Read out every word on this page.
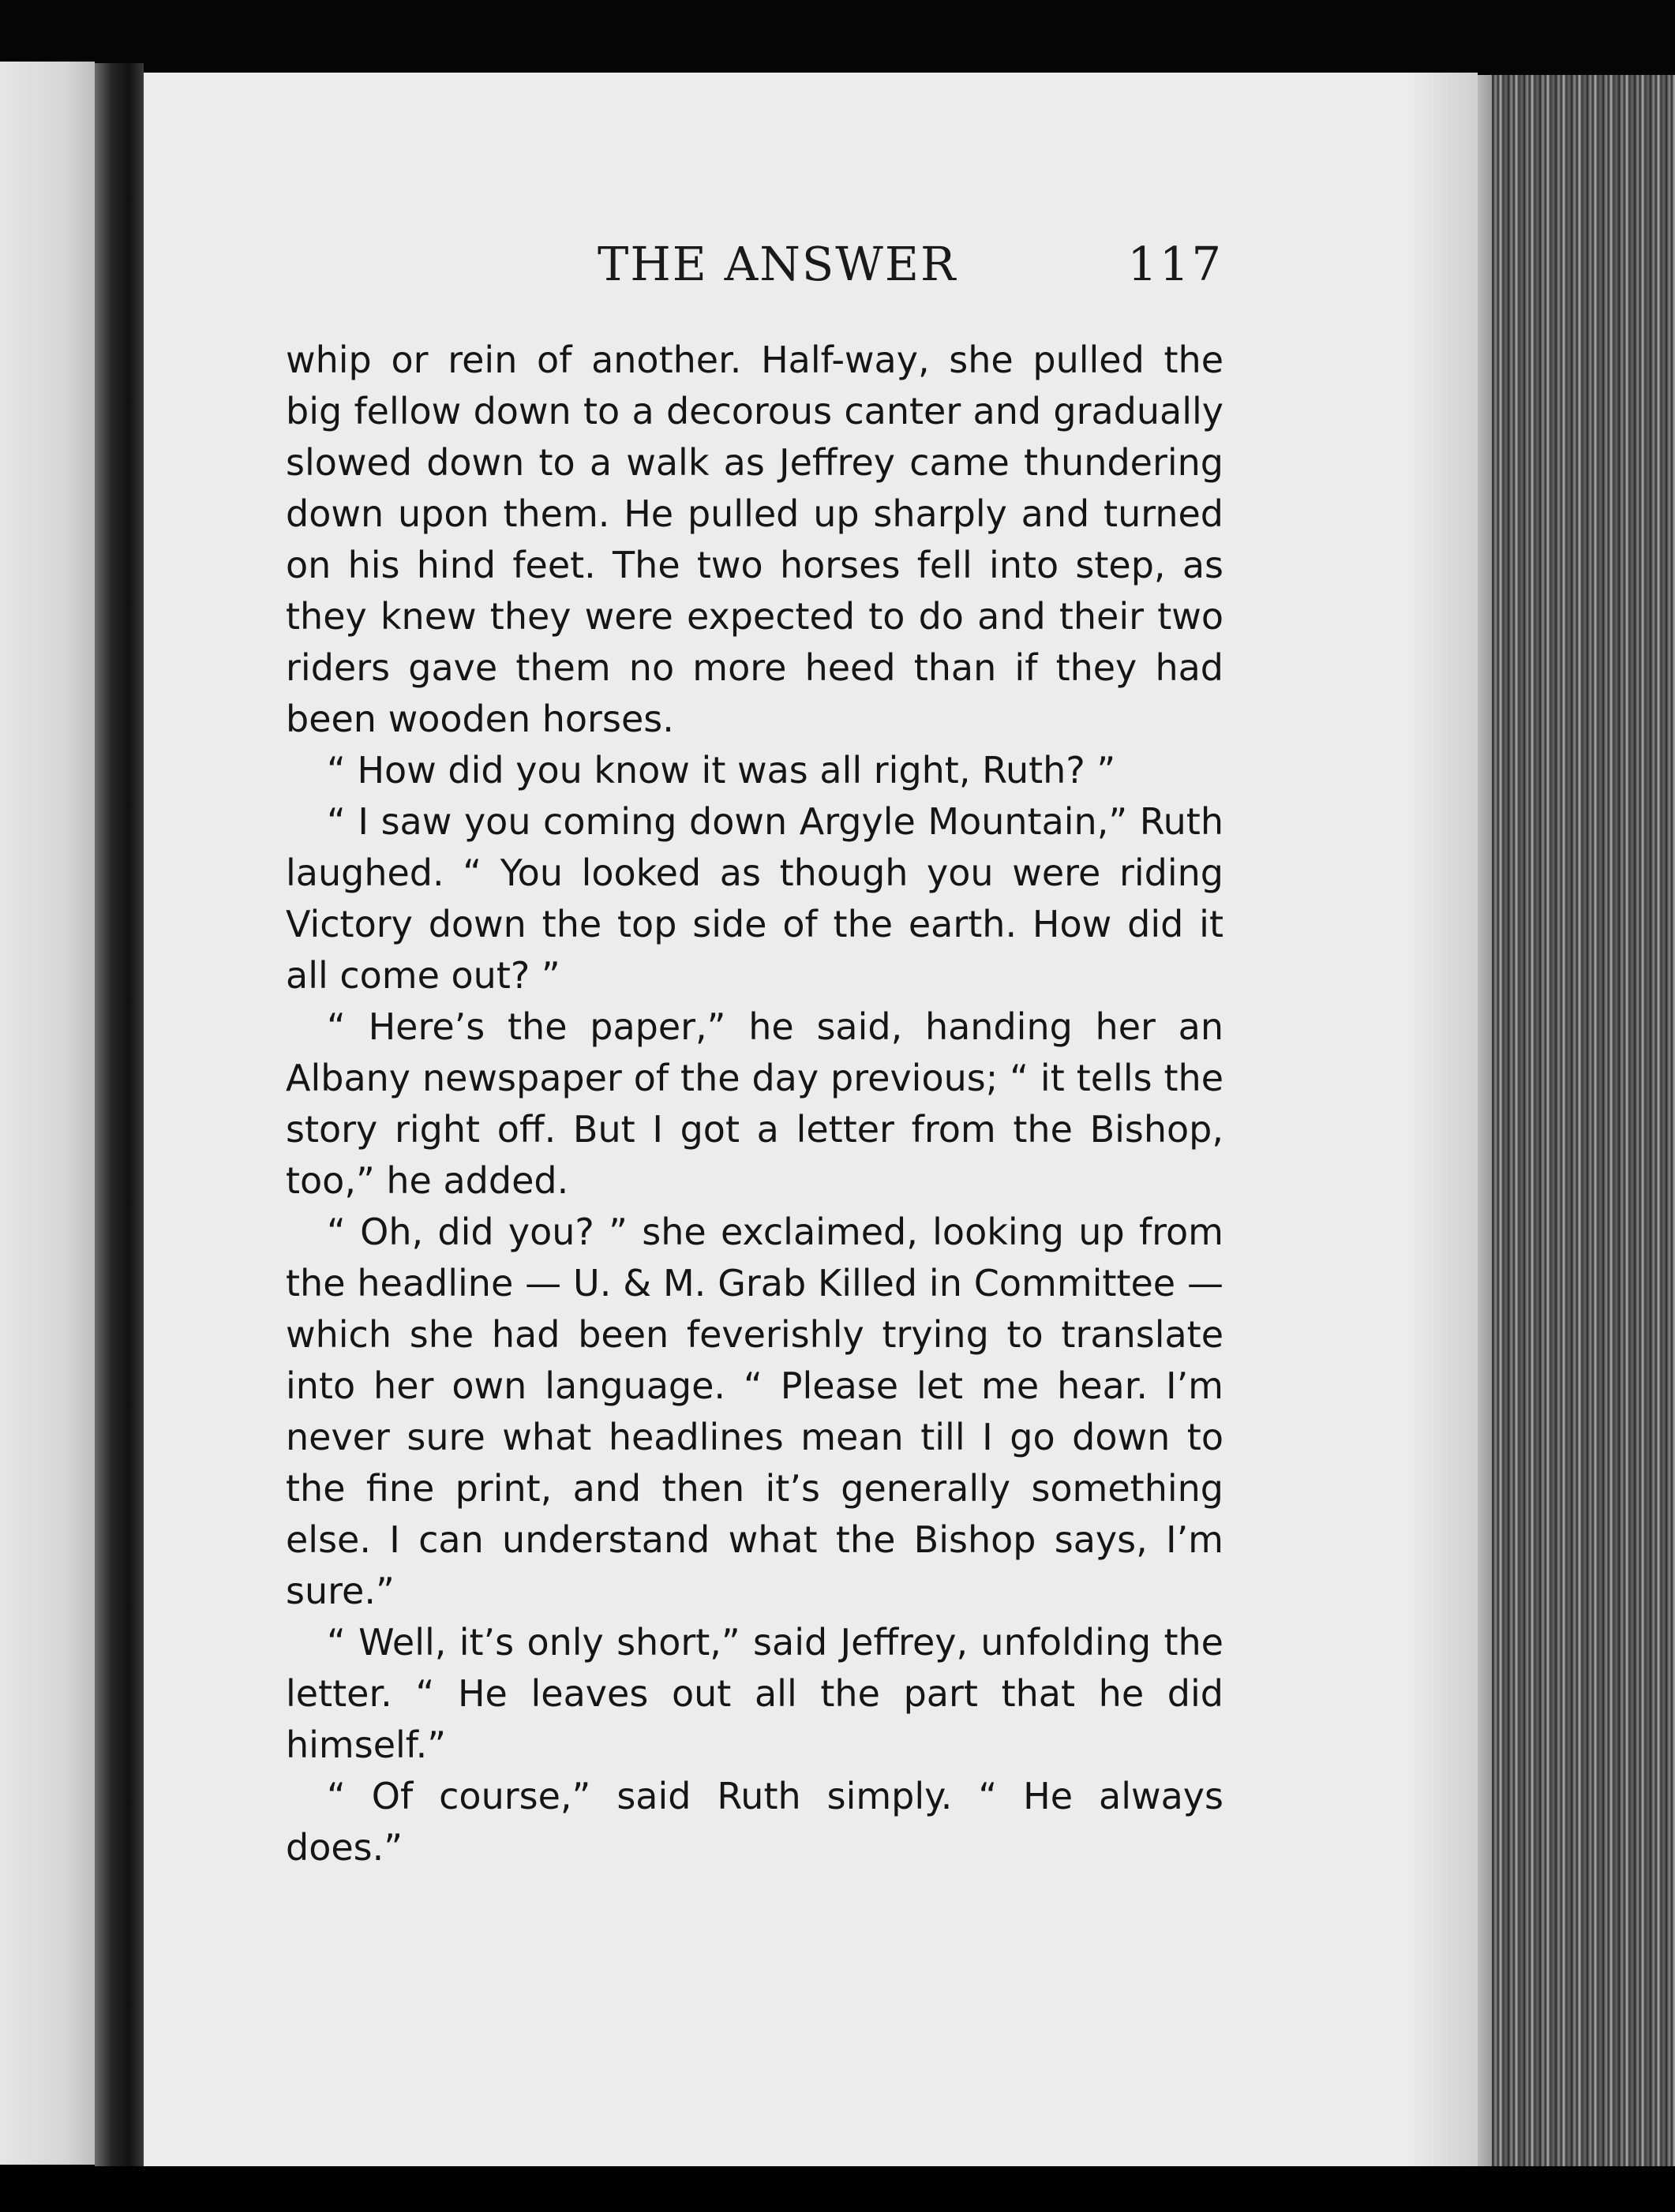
THE ANSWER	117

whip or rein of another. Half-way, she pulled the big fellow down to a decorous canter and gradually slowed down to a walk as Jeffrey came thundering down upon them. He pulled up sharply and turned on his hind feet. The two horses fell into step, as they knew they were expected to do and their two riders gave them no more heed than if they had been wooden horses.

“ How did you know it was all right, Ruth? ”

“ I saw you coming down Argyle Mountain,” Ruth laughed. “ You looked as though you were riding Victory down the top side of the earth. How did it all come out? ”

“ Here’s the paper,” he said, handing her an Albany newspaper of the day previous; “ it tells the story right off. But I got a letter from the Bishop, too,” he added.

“ Oh, did you? ” she exclaimed, looking up from the headline — U. & M. Grab Killed in Committee — which she had been feverishly trying to translate into her own language. “ Please let me hear. I’m never sure what headlines mean till I go down to the fine print, and then it’s generally something else. I can understand what the Bishop says, I’m sure.”

“ Well, it’s only short,” said Jeffrey, unfolding the letter. “ He leaves out all the part that he did himself.”

“ Of course,” said Ruth simply. “ He always does.”
